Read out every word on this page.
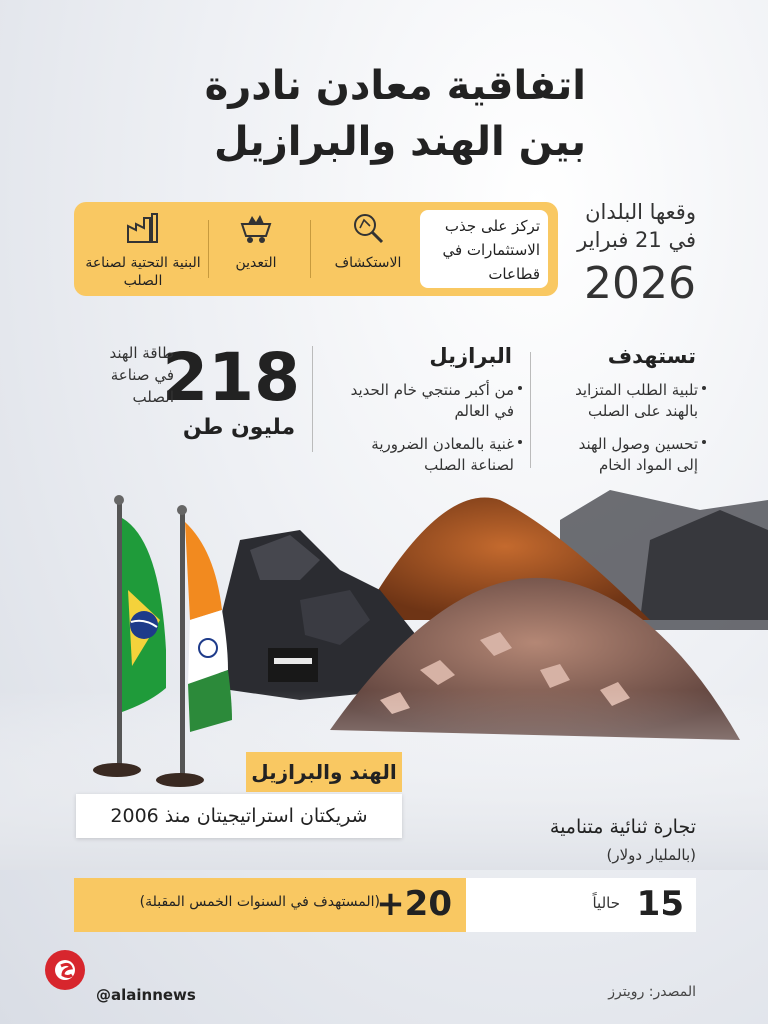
اتفاقية معادن نادرة
بين الهند والبرازيل
وقعها البلدان
في 21 فبراير
2026
تركز على جذب الاستثمارات في قطاعات
الاستكشاف
التعدين
البنية التحتية لصناعة الصلب
تستهدف
تلبية الطلب المتزايد بالهند على الصلب
تحسين وصول الهند إلى المواد الخام
البرازيل
من أكبر منتجي خام الحديد في العالم
غنية بالمعادن الضرورية لصناعة الصلب
218
مليون طن
طاقة الهند في صناعة الصلب
الهند والبرازيل
شريكتان استراتيجيتان منذ 2006	تجارة ثنائية متنامية
(بالمليار دولار)
+20
(المستهدف في السنوات الخمس المقبلة)	15
حالياً
@alainnews	المصدر: رويترز
